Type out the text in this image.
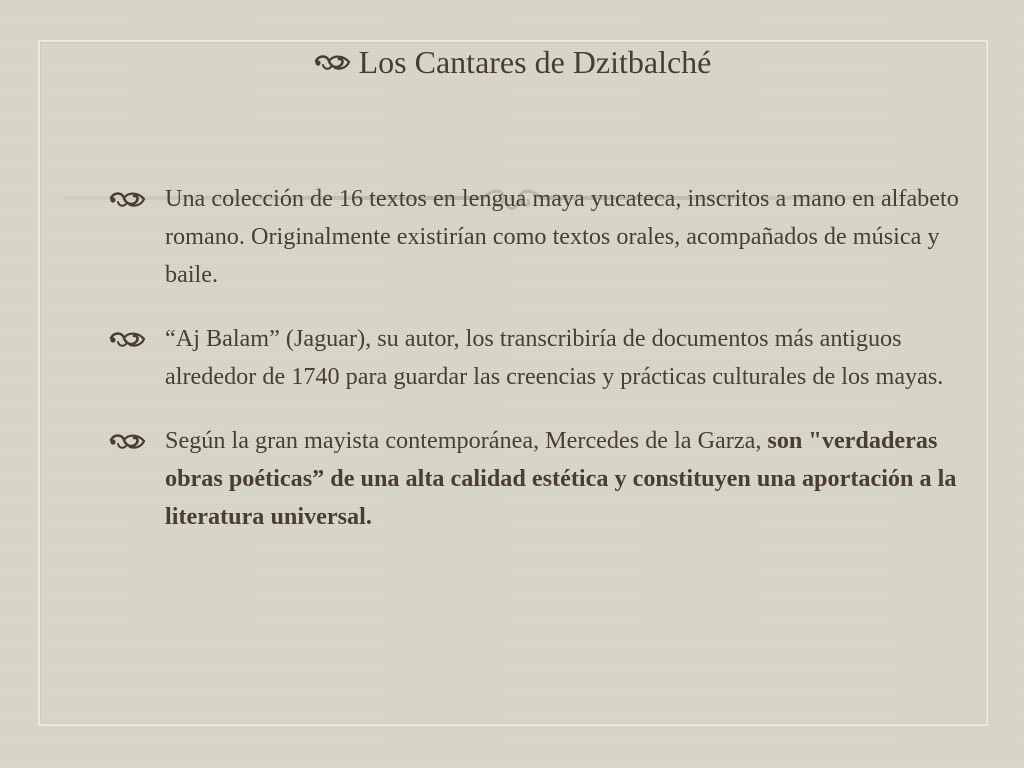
Los Cantares de Dzitbalché
Una colección de 16 textos en lengua maya yucateca, inscritos a mano en alfabeto romano. Originalmente existirían como textos orales, acompañados de música y baile.
“Aj Balam” (Jaguar), su autor, los transcribiría de documentos más antiguos alrededor de 1740 para guardar las creencias y prácticas culturales de los mayas.
Según la gran mayista contemporánea, Mercedes de la Garza, son "verdaderas obras poéticas” de una alta calidad estética y constituyen una aportación a la literatura universal.
